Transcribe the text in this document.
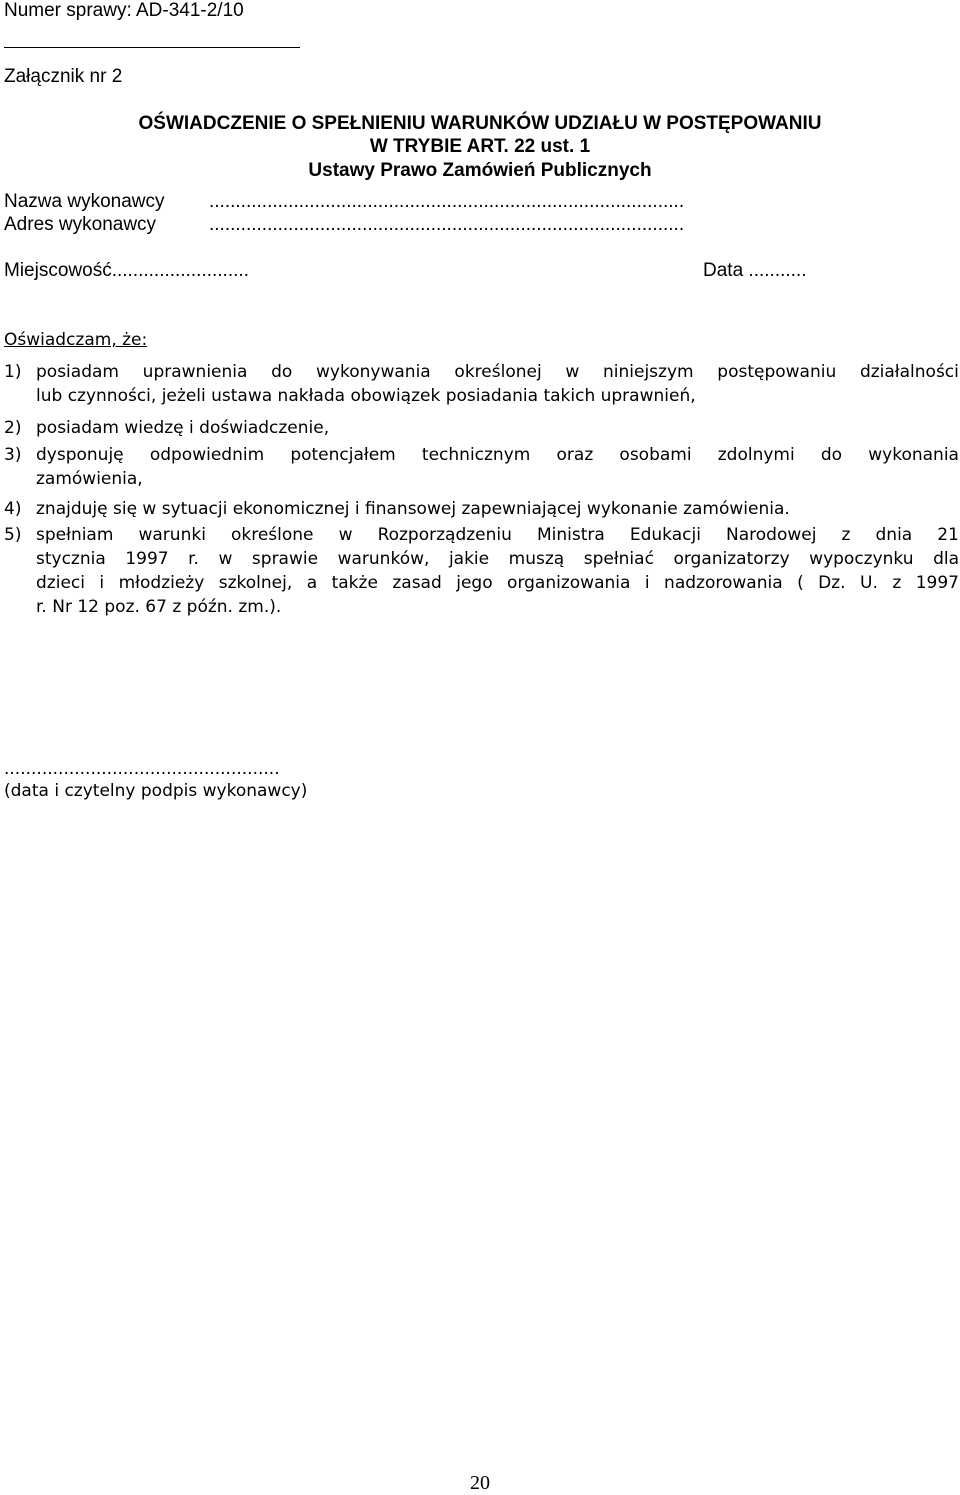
Numer sprawy: AD-341-2/10
Załącznik nr 2
OŚWIADCZENIE O SPEŁNIENIU WARUNKÓW UDZIAŁU W POSTĘPOWANIU
W TRYBIE ART. 22 ust. 1
Ustawy Prawo Zamówień Publicznych
Nazwa wykonawcy ..........................................................................................
Adres wykonawcy	..........................................................................................
Miejscowość..........................	Data ...........
Oświadczam, że:
1) posiadam uprawnienia do wykonywania określonej w niniejszym postępowaniu działalności
lub czynności, jeżeli ustawa nakłada obowiązek posiadania takich uprawnień,
2) posiadam wiedzę i doświadczenie,
3) dysponuję odpowiednim potencjałem technicznym oraz osobami zdolnymi do wykonania
zamówienia,
4) znajduję się w sytuacji ekonomicznej i finansowej zapewniającej wykonanie zamówienia.
5) spełniam warunki określone w Rozporządzeniu Ministra Edukacji Narodowej z dnia 21
stycznia 1997 r. w sprawie warunków, jakie muszą spełniać organizatorzy wypoczynku dla
dzieci i młodzieży szkolnej, a także zasad jego organizowania i nadzorowania ( Dz. U. z 1997
r. Nr 12 poz. 67 z późn. zm.).
...................................................
(data i czytelny podpis wykonawcy)
20
